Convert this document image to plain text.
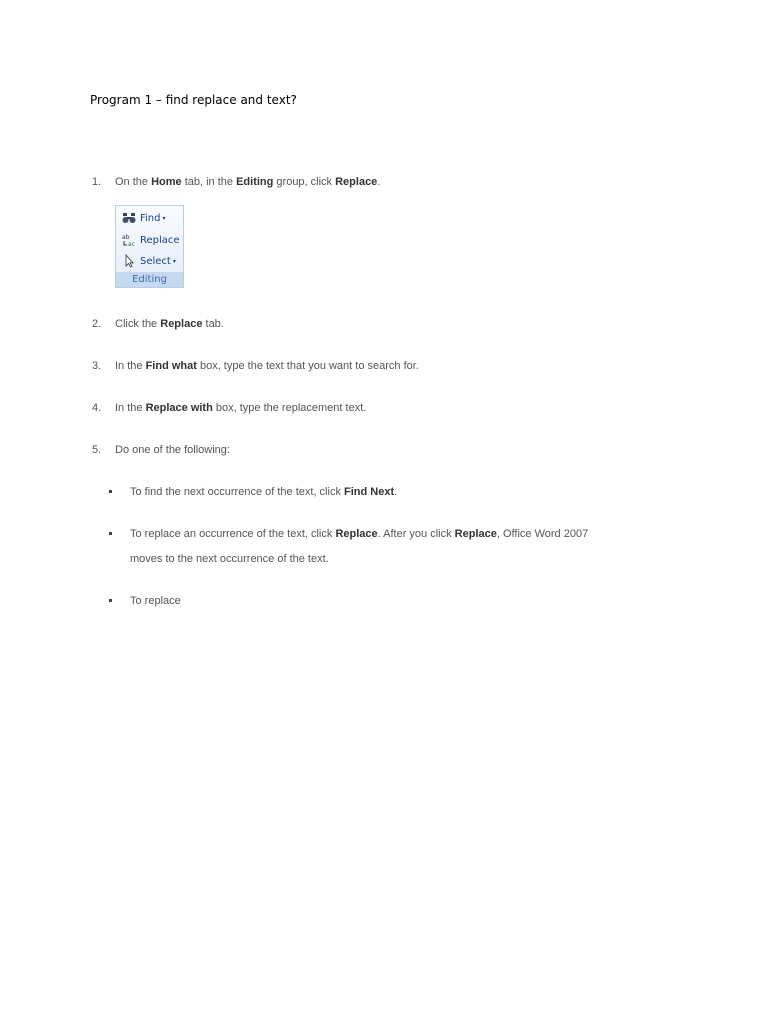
Program 1 – find replace and text?
1.	On the Home tab, in the Editing group, click Replace.
Find ▾
ab
ac Replace
Select ▾
Editing
2.	Click the Replace tab.
3.	In the Find what box, type the text that you want to search for.
4.	In the Replace with box, type the replacement text.
5.	Do one of the following:
To find the next occurrence of the text, click Find Next.
To replace an occurrence of the text, click Replace. After you click Replace, Office Word 2007 moves to the next occurrence of the text.
To replace
